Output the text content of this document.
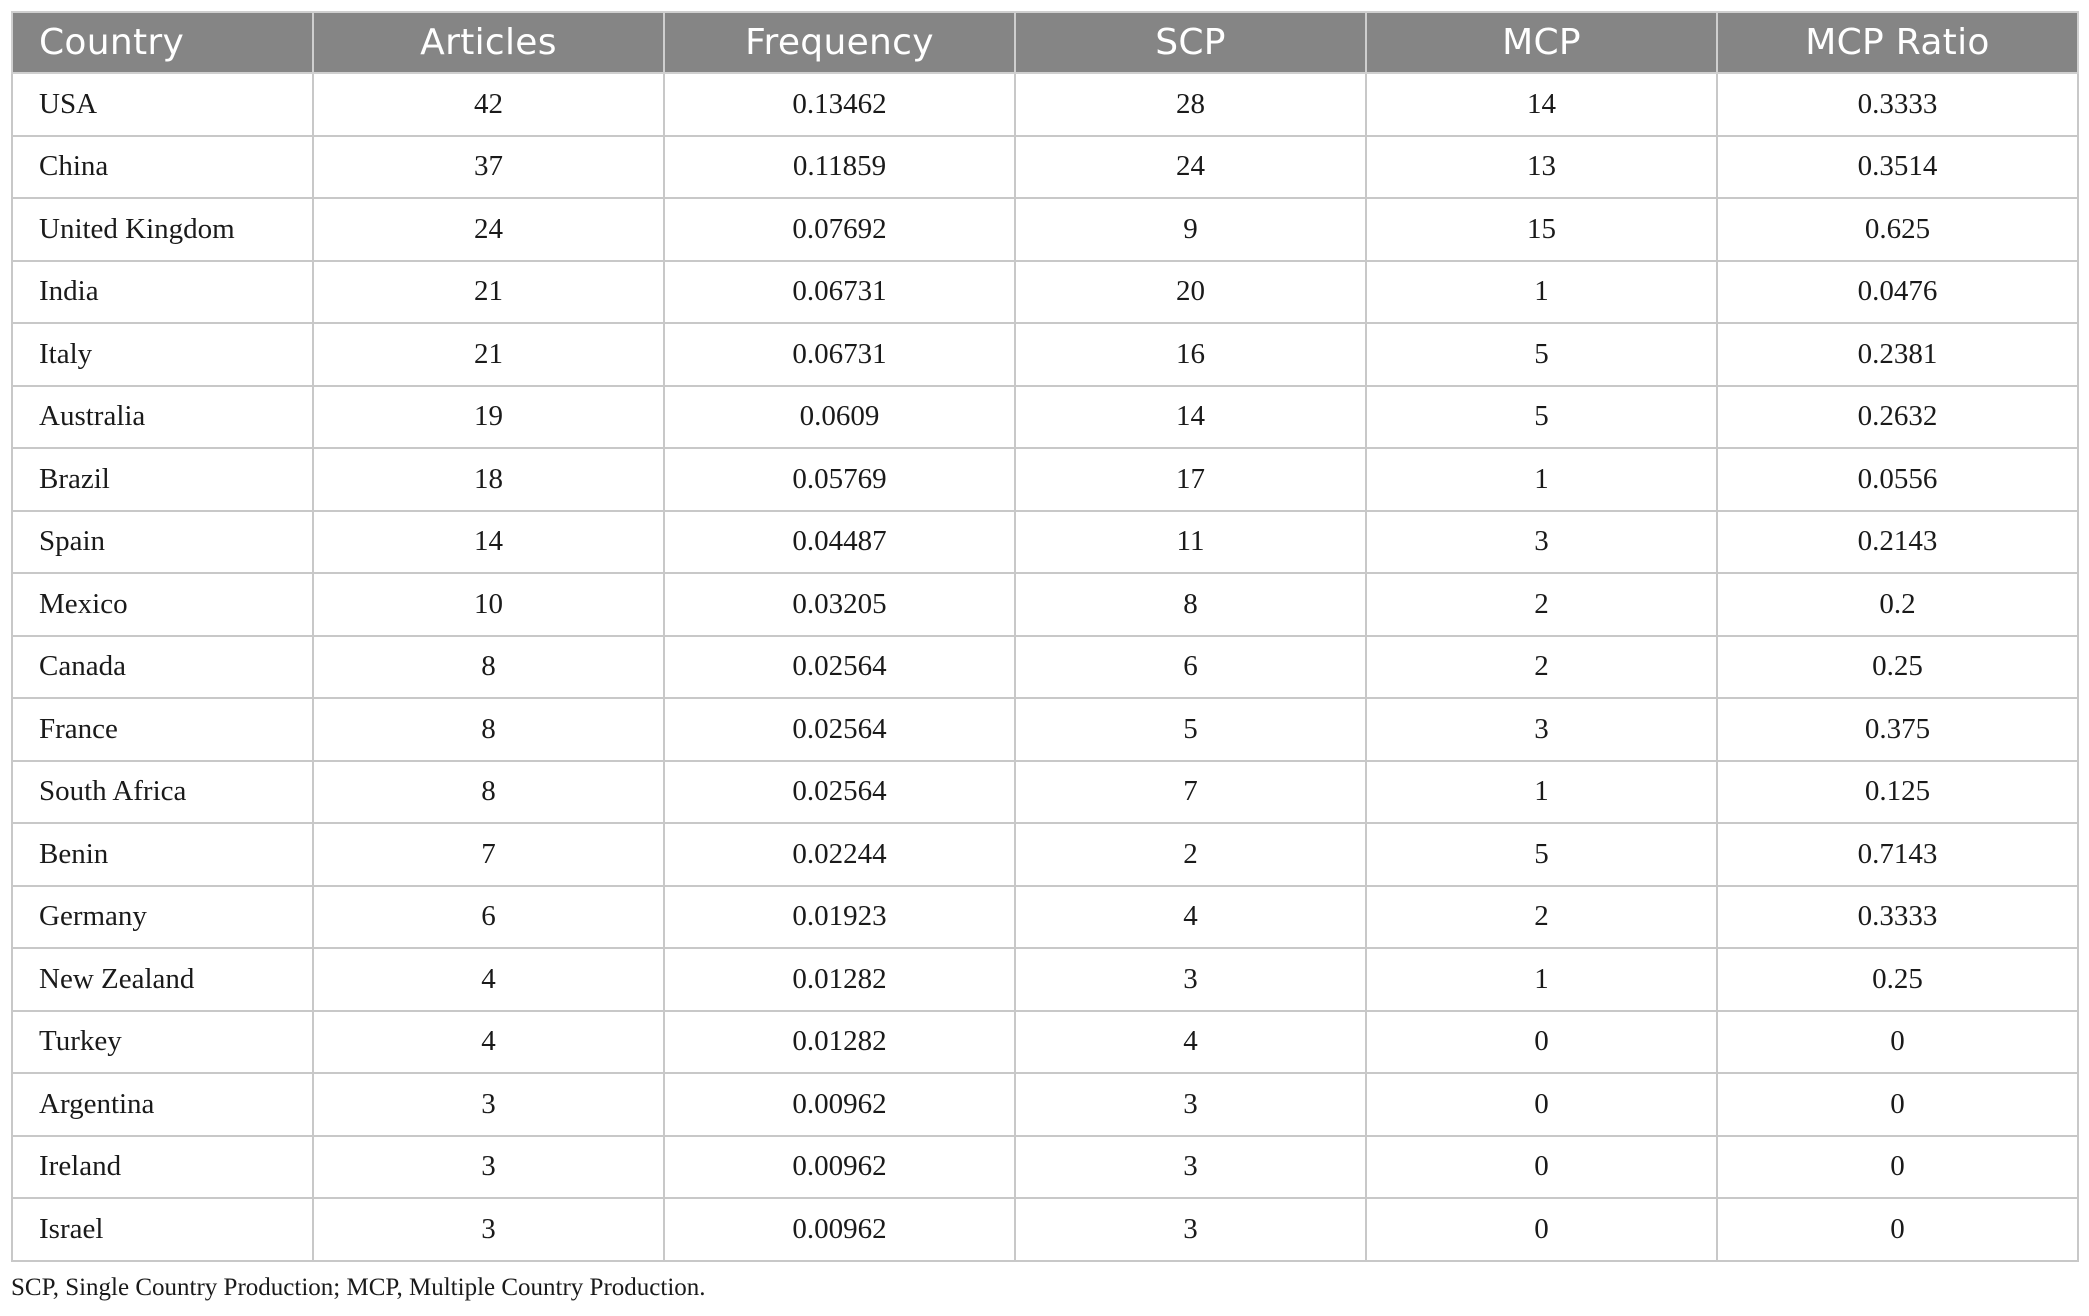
Country	Articles	Frequency	SCP	MCP	MCP Ratio
USA	42	0.13462	28	14	0.3333
China	37	0.11859	24	13	0.3514
United Kingdom	24	0.07692	9	15	0.625
India	21	0.06731	20	1	0.0476
Italy	21	0.06731	16	5	0.2381
Australia	19	0.0609	14	5	0.2632
Brazil	18	0.05769	17	1	0.0556
Spain	14	0.04487	11	3	0.2143
Mexico	10	0.03205	8	2	0.2
Canada	8	0.02564	6	2	0.25
France	8	0.02564	5	3	0.375
South Africa	8	0.02564	7	1	0.125
Benin	7	0.02244	2	5	0.7143
Germany	6	0.01923	4	2	0.3333
New Zealand	4	0.01282	3	1	0.25
Turkey	4	0.01282	4	0	0
Argentina	3	0.00962	3	0	0
Ireland	3	0.00962	3	0	0
Israel	3	0.00962	3	0	0
SCP, Single Country Production; MCP, Multiple Country Production.
